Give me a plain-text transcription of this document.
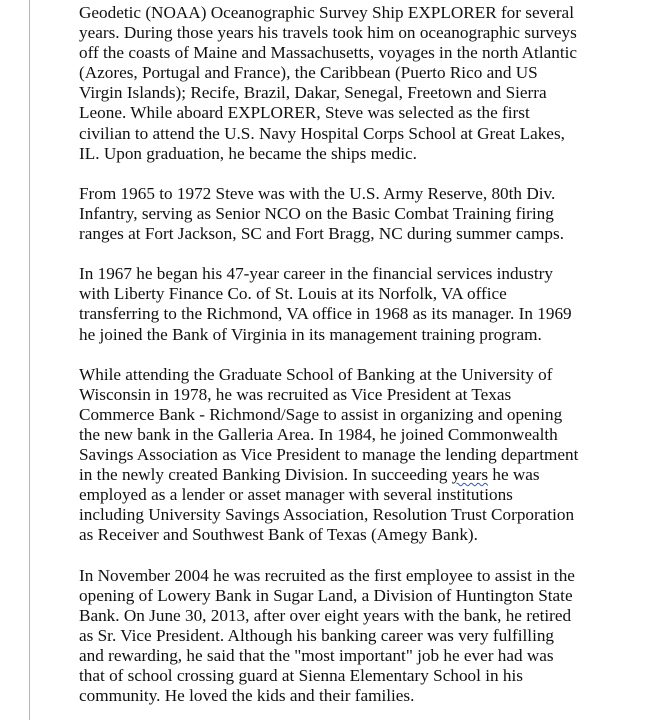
Geodetic (NOAA) Oceanographic Survey Ship EXPLORER for several
years. During those years his travels took him on oceanographic surveys
off the coasts of Maine and Massachusetts, voyages in the north Atlantic
(Azores, Portugal and France), the Caribbean (Puerto Rico and US
Virgin Islands); Recife, Brazil, Dakar, Senegal, Freetown and Sierra
Leone. While aboard EXPLORER, Steve was selected as the first
civilian to attend the U.S. Navy Hospital Corps School at Great Lakes,
IL. Upon graduation, he became the ships medic.

From 1965 to 1972 Steve was with the U.S. Army Reserve, 80th Div.
Infantry, serving as Senior NCO on the Basic Combat Training firing
ranges at Fort Jackson, SC and Fort Bragg, NC during summer camps.

In 1967 he began his 47-year career in the financial services industry
with Liberty Finance Co. of St. Louis at its Norfolk, VA office
transferring to the Richmond, VA office in 1968 as its manager. In 1969
he joined the Bank of Virginia in its management training program.

While attending the Graduate School of Banking at the University of
Wisconsin in 1978, he was recruited as Vice President at Texas
Commerce Bank - Richmond/Sage to assist in organizing and opening
the new bank in the Galleria Area. In 1984, he joined Commonwealth
Savings Association as Vice President to manage the lending department
in the newly created Banking Division. In succeeding years he was
employed as a lender or asset manager with several institutions
including University Savings Association, Resolution Trust Corporation
as Receiver and Southwest Bank of Texas (Amegy Bank).

In November 2004 he was recruited as the first employee to assist in the
opening of Lowery Bank in Sugar Land, a Division of Huntington State
Bank. On June 30, 2013, after over eight years with the bank, he retired
as Sr. Vice President. Although his banking career was very fulfilling
and rewarding, he said that the "most important" job he ever had was
that of school crossing guard at Sienna Elementary School in his
community. He loved the kids and their families.
